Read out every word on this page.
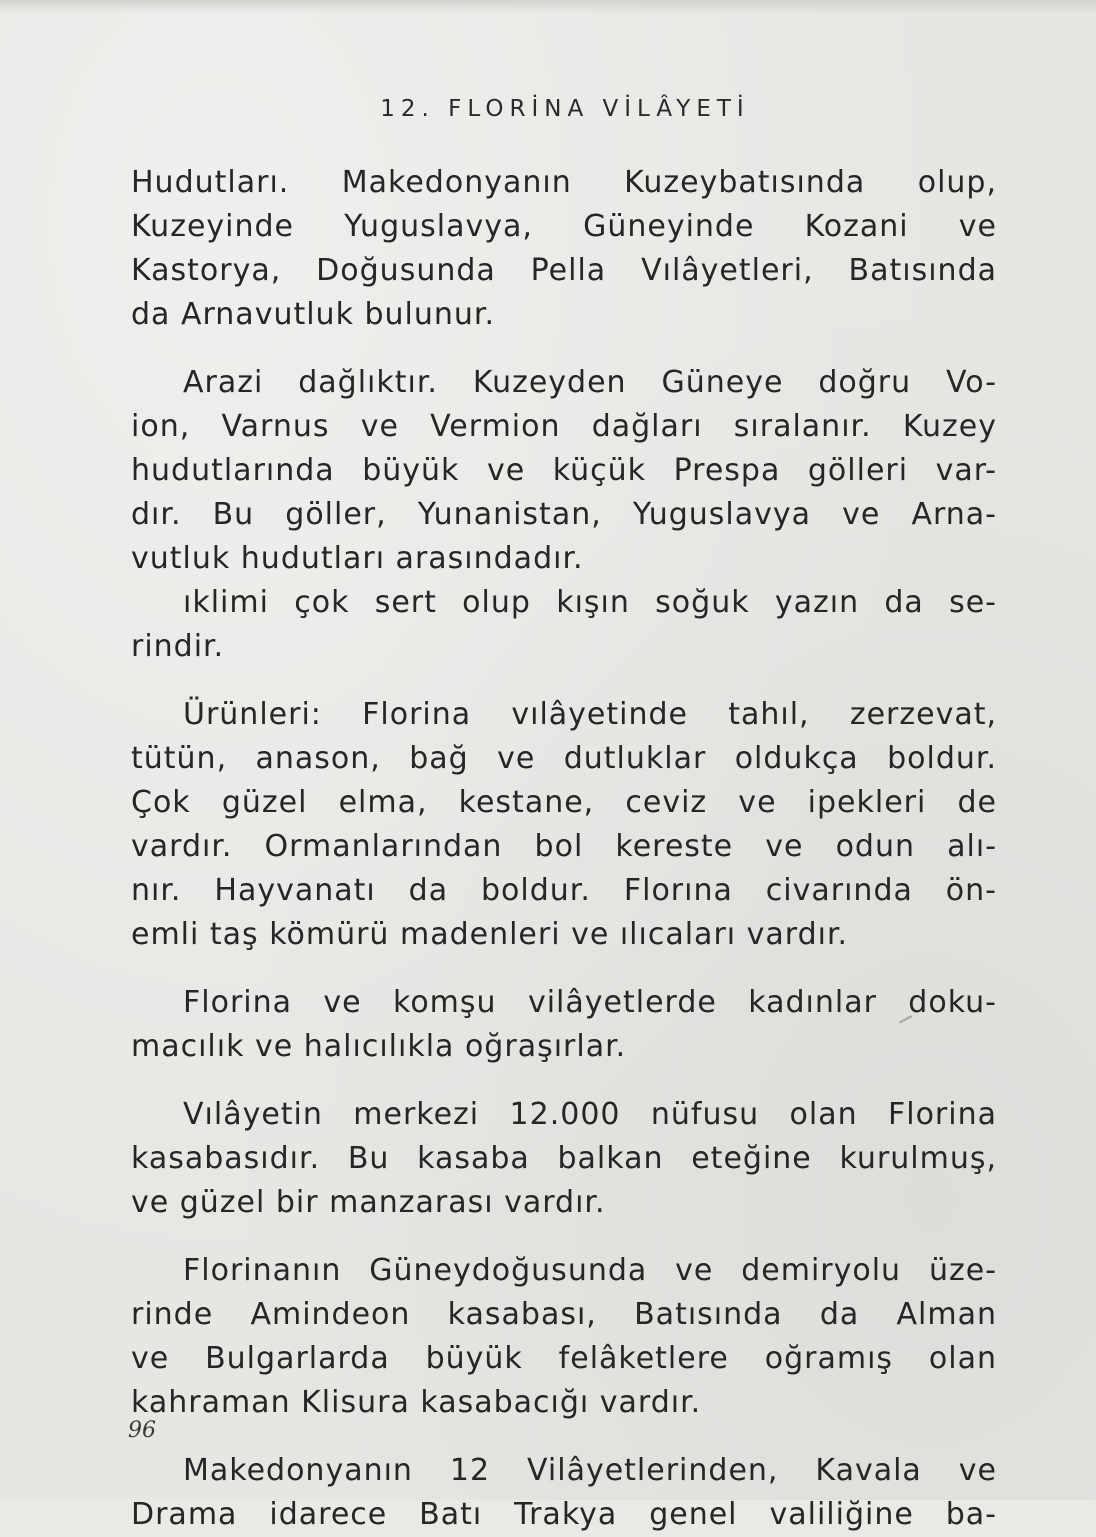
12. FLORİNA VİLÂYETİ
Hudutları. Makedonyanın Kuzeybatısında olup,
Kuzeyinde Yuguslavya, Güneyinde Kozani ve
Kastorya, Doğusunda Pella Vılâyetleri, Batısında
da Arnavutluk bulunur.
Arazi dağlıktır. Kuzeyden Güneye doğru Vo-
ion, Varnus ve Vermion dağları sıralanır. Kuzey
hudutlarında büyük ve küçük Prespa gölleri var-
dır. Bu göller, Yunanistan, Yuguslavya ve Arna-
vutluk hudutları arasındadır.
ıklimi çok sert olup kışın soğuk yazın da se-
rindir.
Ürünleri: Florina vılâyetinde tahıl, zerzevat,
tütün, anason, bağ ve dutluklar oldukça boldur.
Çok güzel elma, kestane, ceviz ve ipekleri de
vardır. Ormanlarından bol kereste ve odun alı-
nır. Hayvanatı da boldur. Florına civarında ön-
emli taş kömürü madenleri ve ılıcaları vardır.
Florina ve komşu vilâyetlerde kadınlar doku-
macılık ve halıcılıkla oğraşırlar.
Vılâyetin merkezi 12.000 nüfusu olan Florina
kasabasıdır. Bu kasaba balkan eteğine kurulmuş,
ve güzel bir manzarası vardır.
Florinanın Güneydoğusunda ve demiryolu üze-
rinde Amindeon kasabası, Batısında da Alman
ve Bulgarlarda büyük felâketlere oğramış olan
kahraman Klisura kasabacığı vardır.
Makedonyanın 12 Vilâyetlerinden, Kavala ve
Drama idarece Batı Trakya genel valiliğine ba-
96
